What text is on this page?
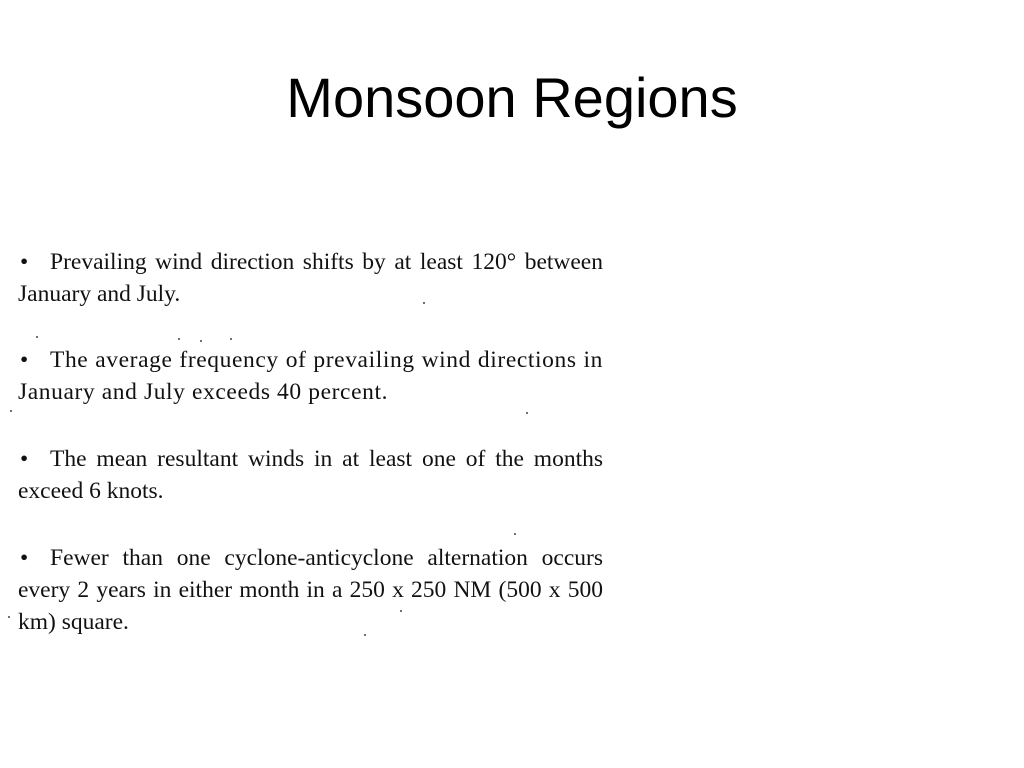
Monsoon Regions
• Prevailing wind direction shifts by at least 120° between January and July.
• The average frequency of prevailing wind directions in January and July exceeds 40 percent.
• The mean resultant winds in at least one of the months exceed 6 knots.
• Fewer than one cyclone-anticyclone alternation occurs every 2 years in either month in a 250 x 250 NM (500 x 500 km) square.
